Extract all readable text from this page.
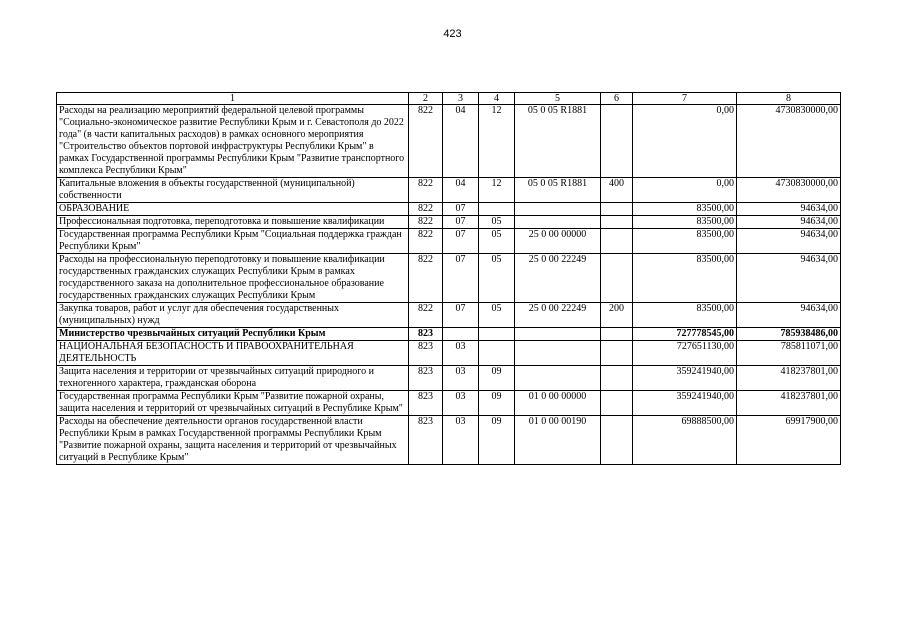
423
1	2	3	4	5	6	7	8
Расходы на реализацию мероприятий федеральной целевой программы "Социально-экономическое развитие Республики Крым и г. Севастополя до 2022 года" (в части капитальных расходов) в рамках основного мероприятия "Строительство объектов портовой инфраструктуры Республики Крым" в рамках Государственной программы Республики Крым "Развитие транспортного комплекса Республики Крым"	822	04	12	05 0 05 R1881		0,00	4730830000,00
Капитальные вложения в объекты государственной (муниципальной) собственности	822	04	12	05 0 05 R1881	400	0,00	4730830000,00
ОБРАЗОВАНИЕ	822	07				83500,00	94634,00
Профессиональная подготовка, переподготовка и повышение квалификации	822	07	05			83500,00	94634,00
Государственная программа Республики Крым "Социальная поддержка граждан Республики Крым"	822	07	05	25 0 00 00000		83500,00	94634,00
Расходы на профессиональную переподготовку и повышение квалификации государственных гражданских служащих Республики Крым в рамках государственного заказа на дополнительное профессиональное образование государственных гражданских служащих Республики Крым	822	07	05	25 0 00 22249		83500,00	94634,00
Закупка товаров, работ и услуг для обеспечения государственных (муниципальных) нужд	822	07	05	25 0 00 22249	200	83500,00	94634,00
Министерство чрезвычайных ситуаций Республики Крым	823					727778545,00	785938486,00
НАЦИОНАЛЬНАЯ БЕЗОПАСНОСТЬ И ПРАВООХРАНИТЕЛЬНАЯ ДЕЯТЕЛЬНОСТЬ	823	03				727651130,00	785811071,00
Защита населения и территории от чрезвычайных ситуаций природного и техногенного характера, гражданская оборона	823	03	09			359241940,00	418237801,00
Государственная программа Республики Крым "Развитие пожарной охраны, защита населения и территорий от чрезвычайных ситуаций в Республике Крым"	823	03	09	01 0 00 00000		359241940,00	418237801,00
Расходы на обеспечение деятельности органов государственной власти Республики Крым в рамках Государственной программы Республики Крым "Развитие пожарной охраны, защита населения и территорий от чрезвычайных ситуаций в Республике Крым"	823	03	09	01 0 00 00190		69888500,00	69917900,00
